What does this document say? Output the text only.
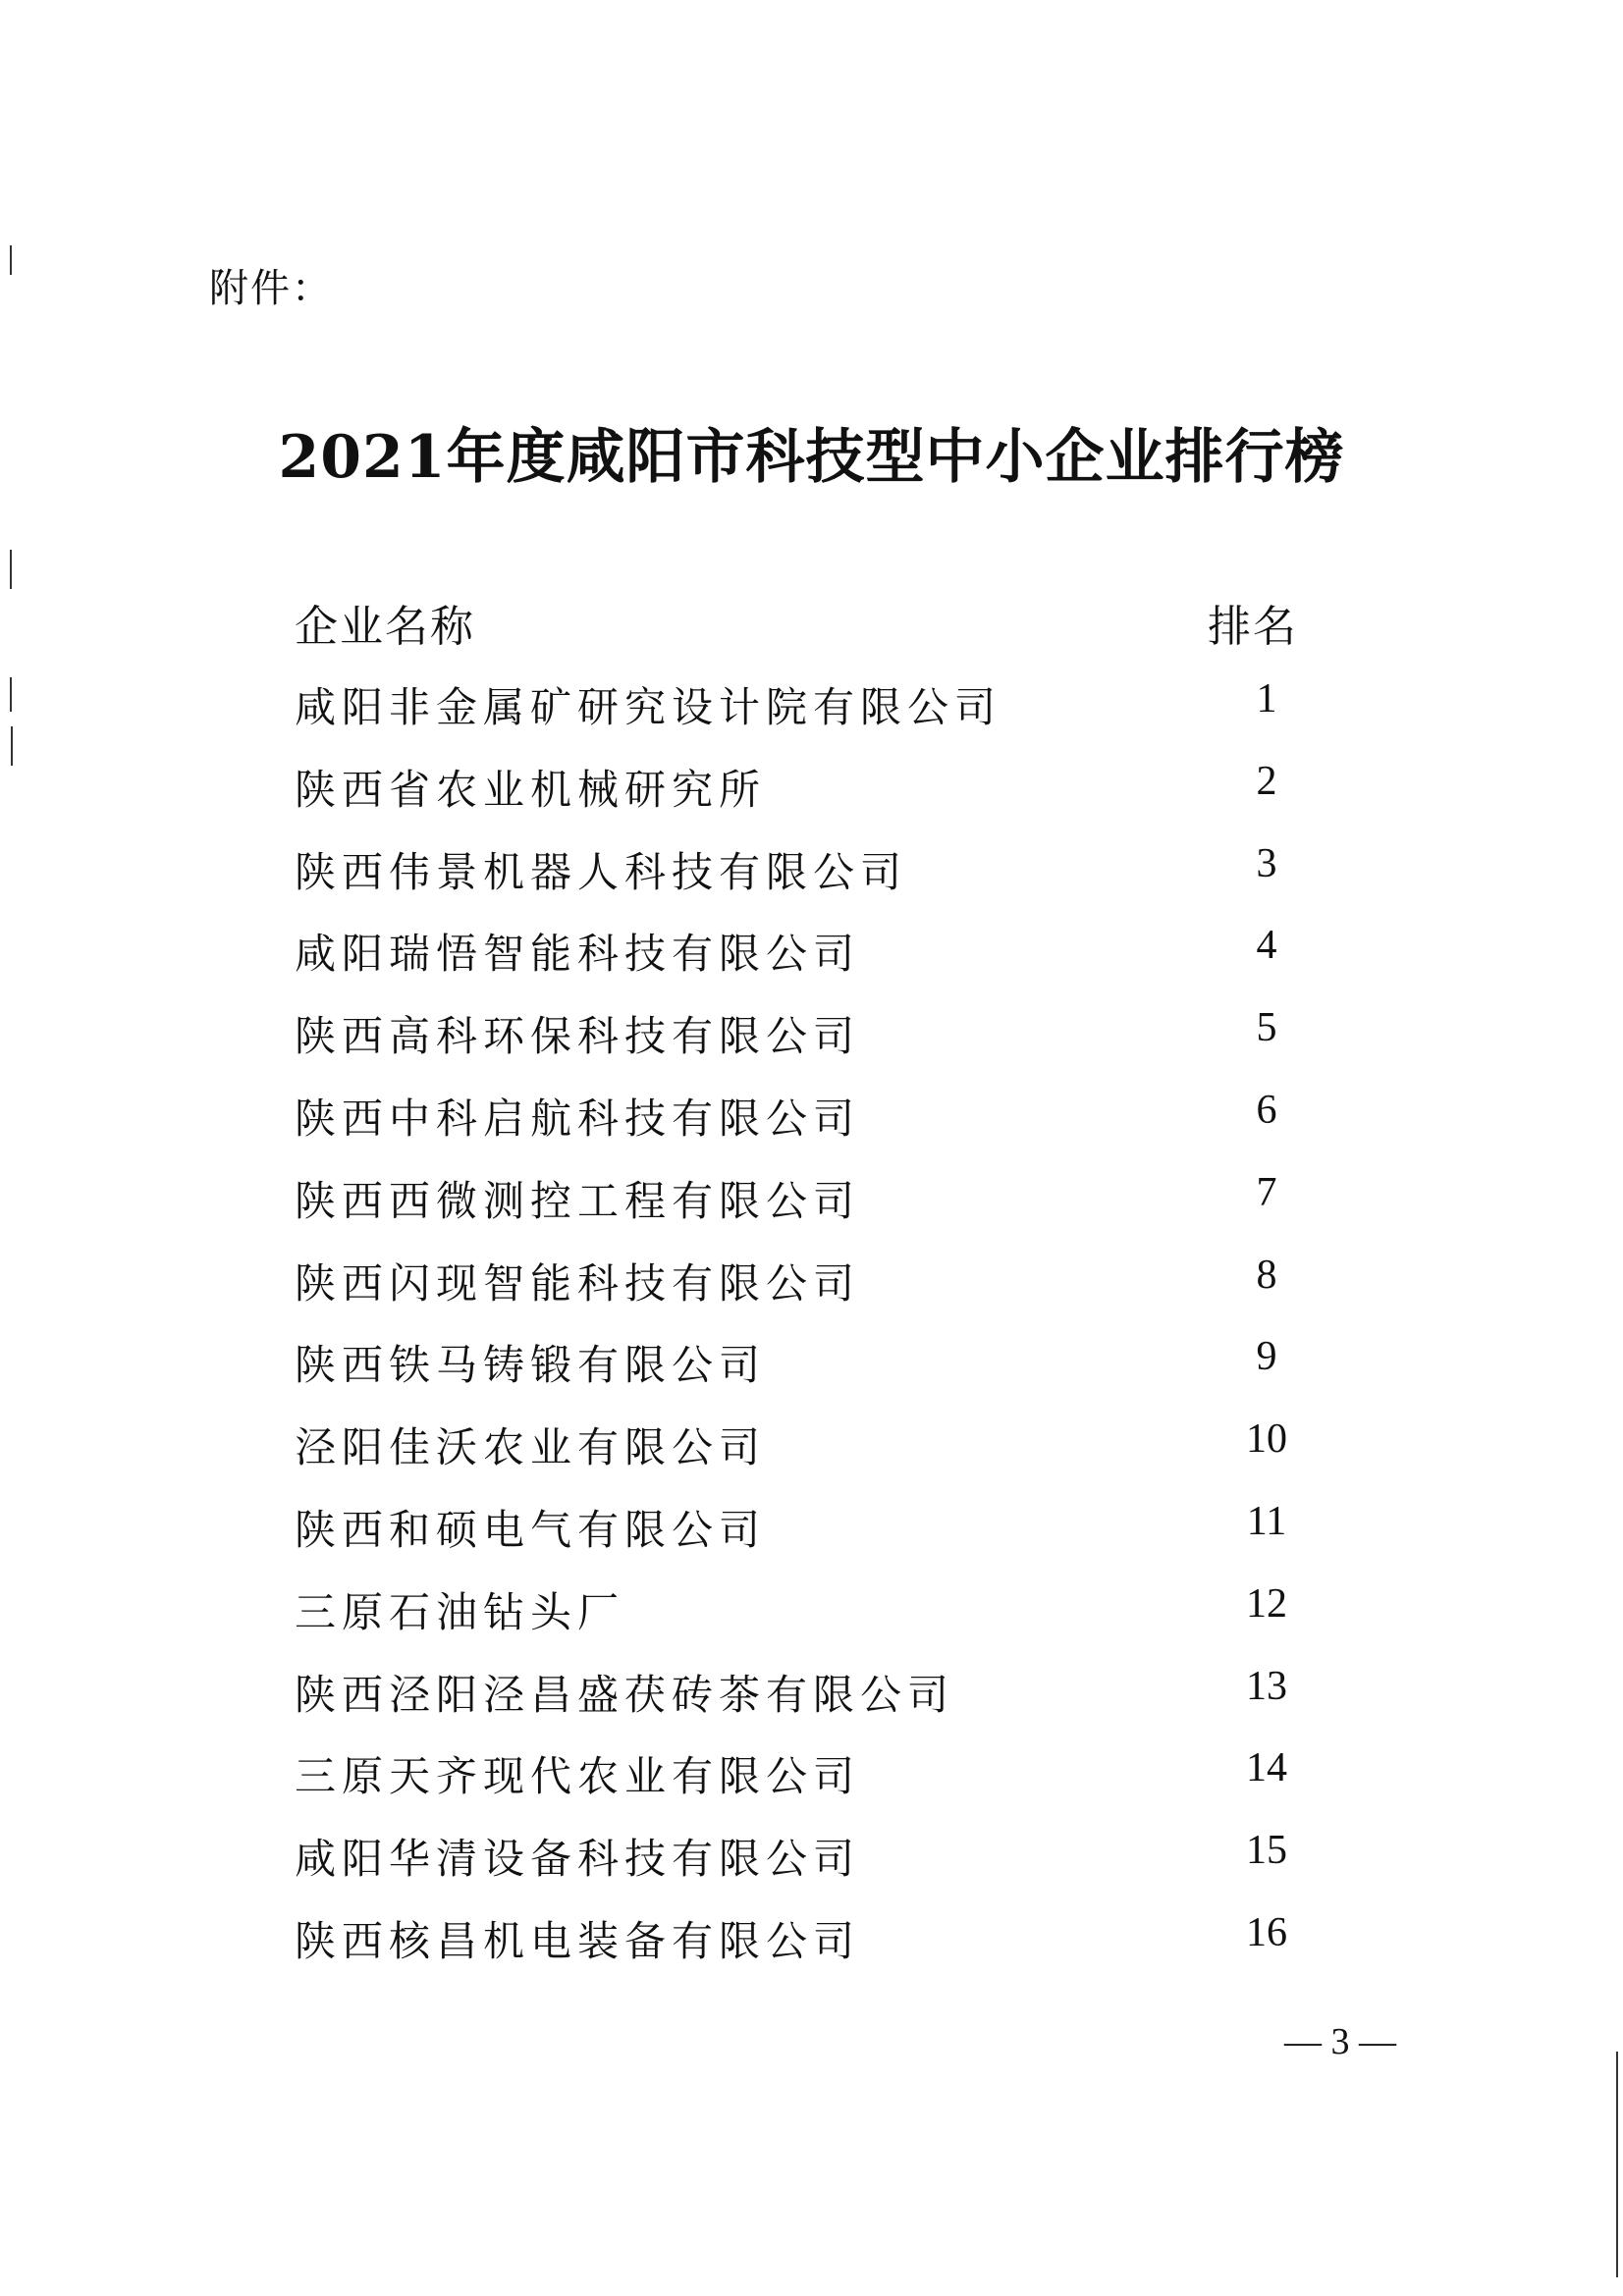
附件：
2021年度咸阳市科技型中小企业排行榜
企业名称	排名
咸阳非金属矿研究设计院有限公司	1
陕西省农业机械研究所	2
陕西伟景机器人科技有限公司	3
咸阳瑞悟智能科技有限公司	4
陕西高科环保科技有限公司	5
陕西中科启航科技有限公司	6
陕西西微测控工程有限公司	7
陕西闪现智能科技有限公司	8
陕西铁马铸锻有限公司	9
泾阳佳沃农业有限公司	10
陕西和硕电气有限公司	11
三原石油钻头厂	12
陕西泾阳泾昌盛茯砖茶有限公司	13
三原天齐现代农业有限公司	14
咸阳华清设备科技有限公司	15
陕西核昌机电装备有限公司	16
— 3 —
